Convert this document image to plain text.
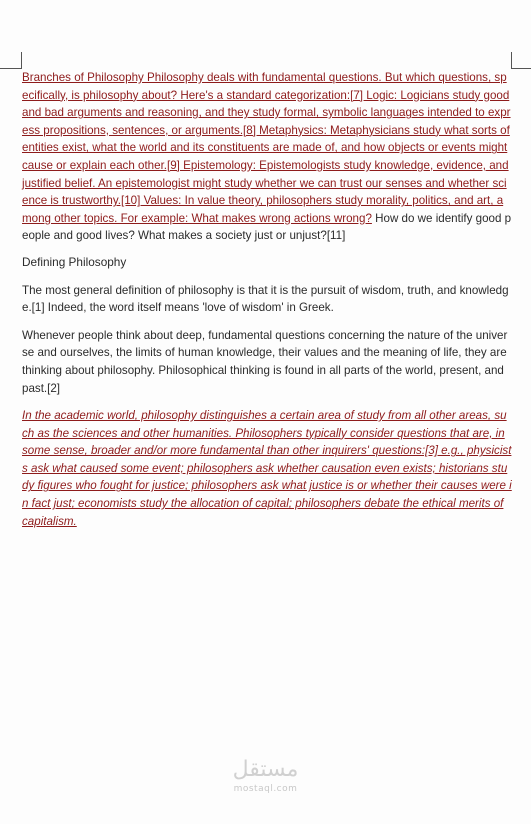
Branches of Philosophy Philosophy deals with fundamental questions. But which questions, specifically, is philosophy about? Here's a standard categorization:[7] Logic: Logicians study good and bad arguments and reasoning, and they study formal, symbolic languages intended to express propositions, sentences, or arguments.[8] Metaphysics: Metaphysicians study what sorts of entities exist, what the world and its constituents are made of, and how objects or events might cause or explain each other.[9] Epistemology: Epistemologists study knowledge, evidence, and justified belief. An epistemologist might study whether we can trust our senses and whether science is trustworthy.[10] Values: In value theory, philosophers study morality, politics, and art, among other topics. For example: What makes wrong actions wrong? How do we identify good people and good lives? What makes a society just or unjust?[11]

Defining Philosophy

The most general definition of philosophy is that it is the pursuit of wisdom, truth, and knowledge.[1] Indeed, the word itself means 'love of wisdom' in Greek.

Whenever people think about deep, fundamental questions concerning the nature of the universe and ourselves, the limits of human knowledge, their values and the meaning of life, they are thinking about philosophy. Philosophical thinking is found in all parts of the world, present, and past.[2]

In the academic world, philosophy distinguishes a certain area of study from all other areas, such as the sciences and other humanities. Philosophers typically consider questions that are, in some sense, broader and/or more fundamental than other inquirers' questions:[3] e.g., physicists ask what caused some event; philosophers ask whether causation even exists; historians study figures who fought for justice; philosophers ask what justice is or whether their causes were in fact just; economists study the allocation of capital; philosophers debate the ethical merits of capitalism.

مستقل
mostaql.com
